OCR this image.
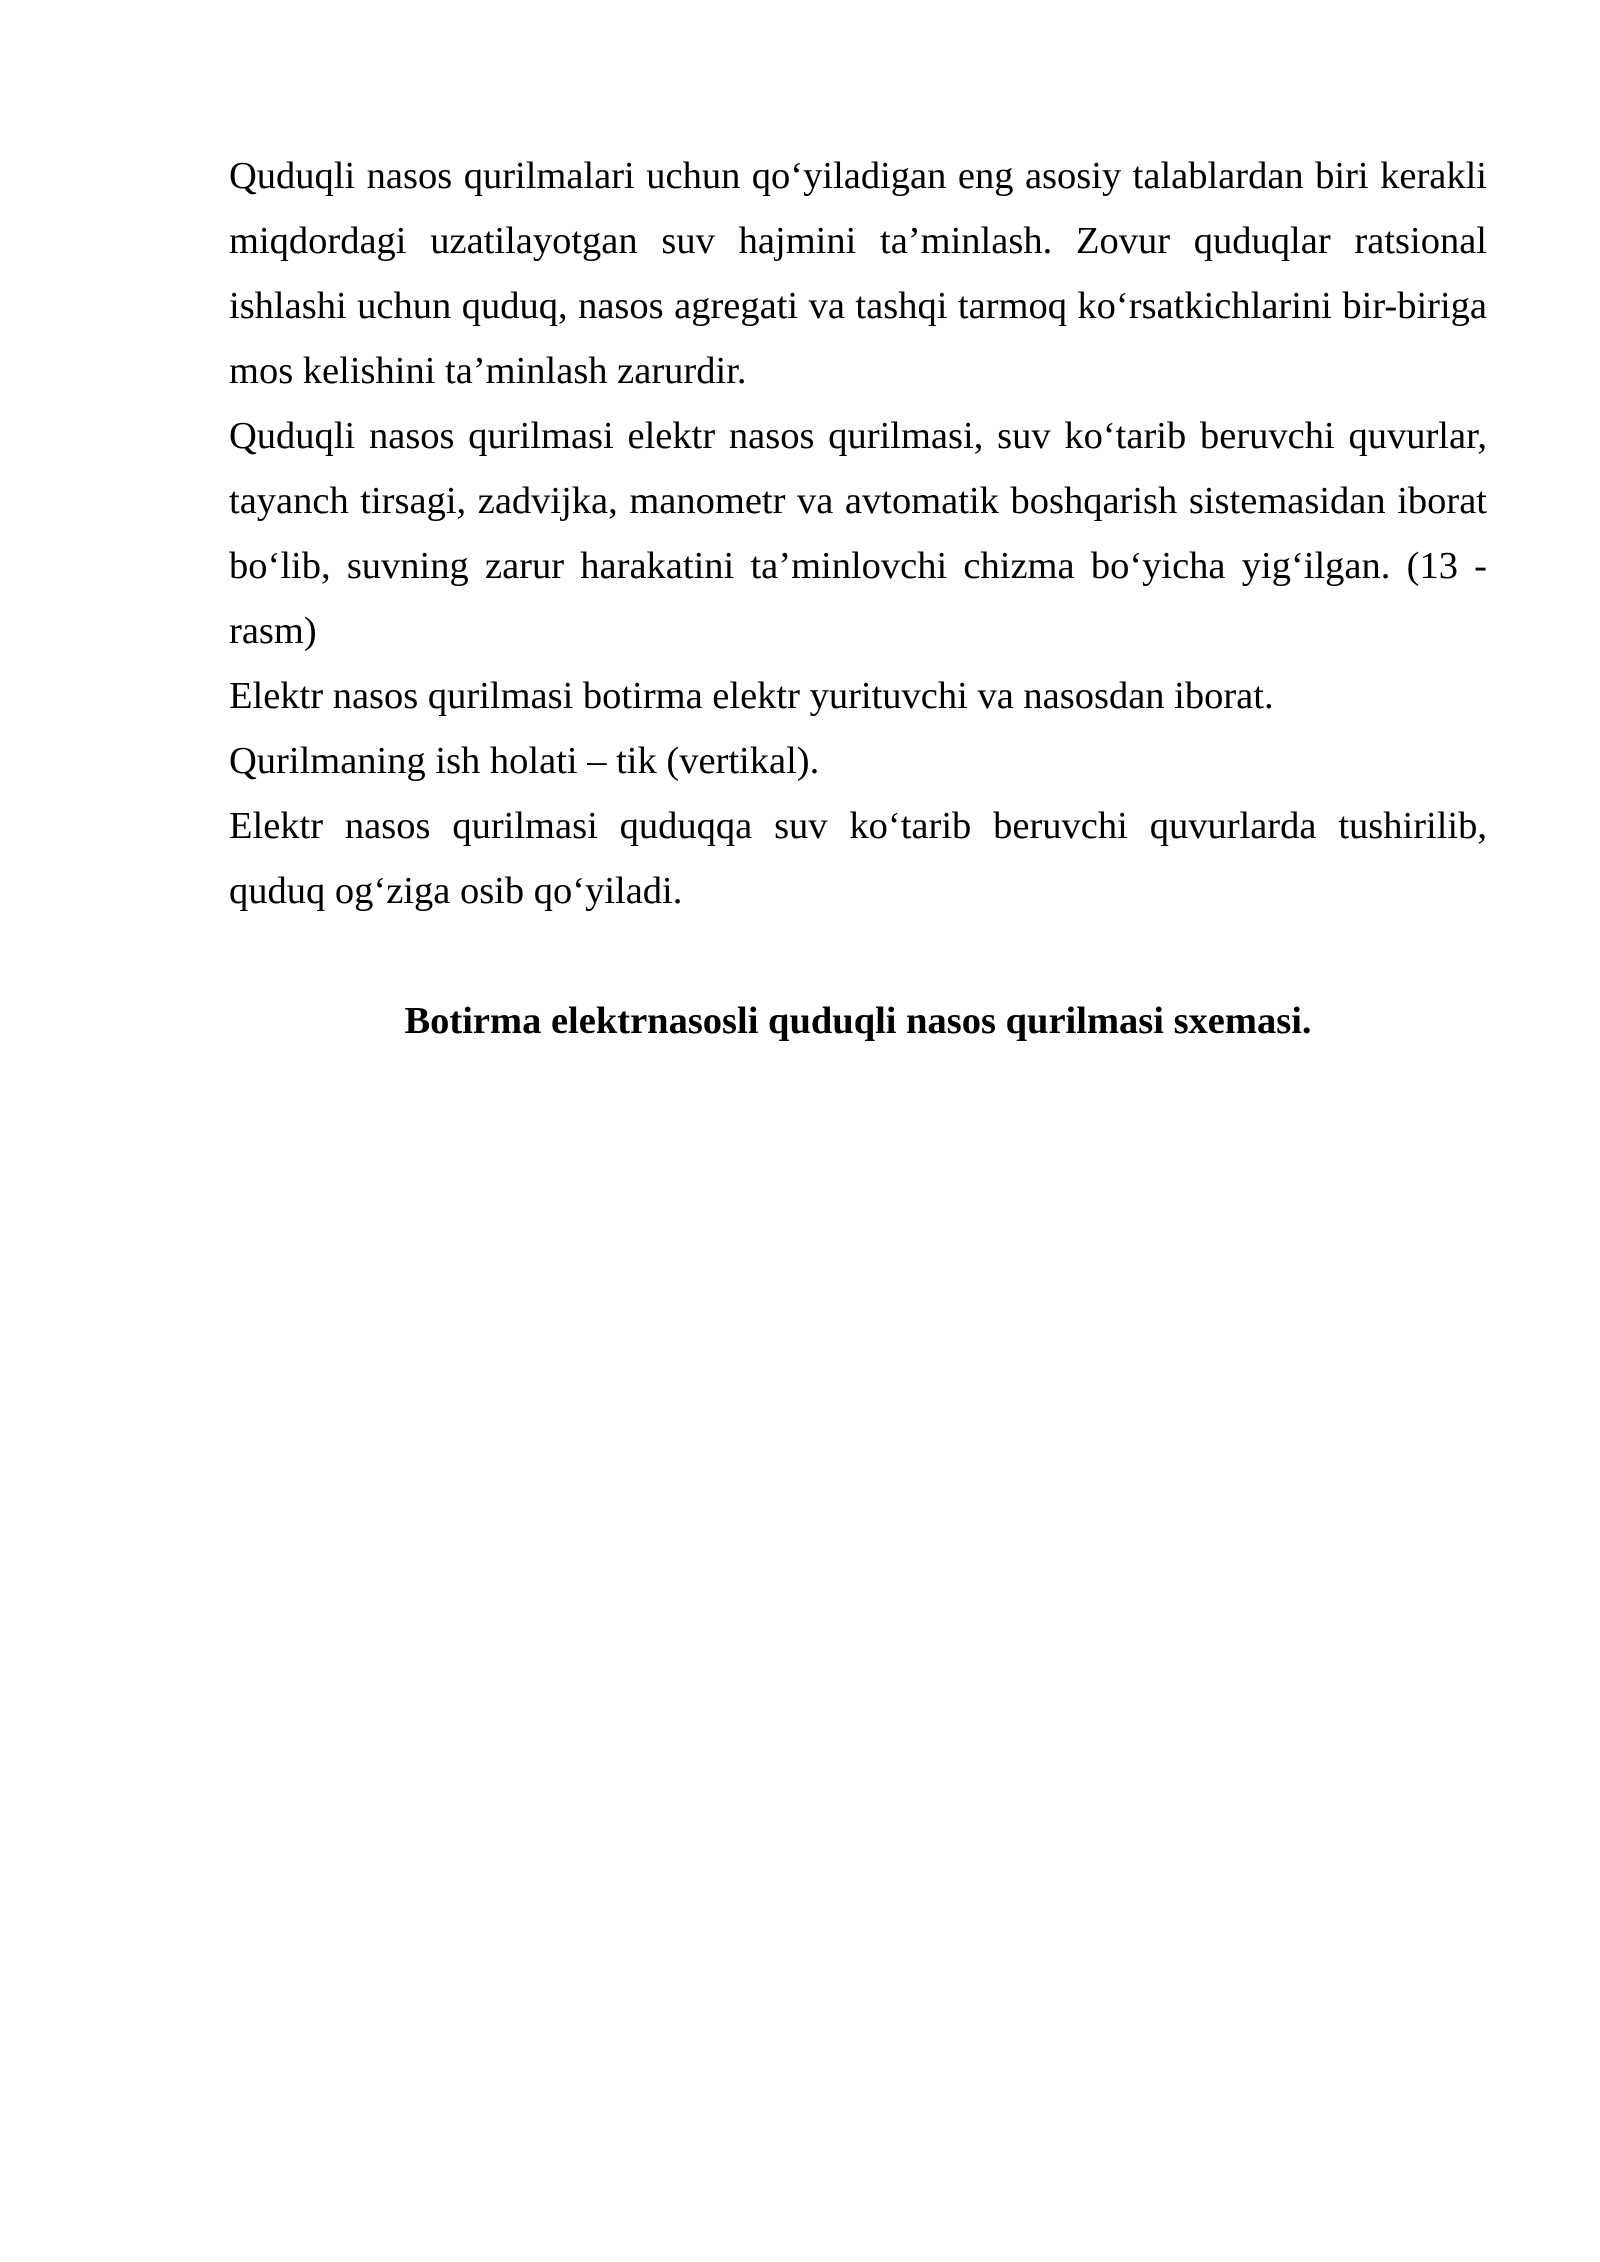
Quduqli nasos qurilmalari uchun qo‘yiladigan eng asosiy talablardan biri kerakli miqdordagi uzatilayotgan suv hajmini ta’minlash. Zovur quduqlar ratsional ishlashi uchun quduq, nasos agregati va tashqi tarmoq ko‘rsatkichlarini bir-biriga mos kelishini ta’minlash zarurdir.

Quduqli nasos qurilmasi elektr nasos qurilmasi, suv ko‘tarib beruvchi quvurlar, tayanch tirsagi, zadvijka, manometr va avtomatik boshqarish sistemasidan iborat bo‘lib, suvning zarur harakatini ta’minlovchi chizma bo‘yicha yig‘ilgan. (13 - rasm)

Elektr nasos qurilmasi botirma elektr yurituvchi va nasosdan iborat.

Qurilmaning ish holati – tik (vertikal).

Elektr nasos qurilmasi quduqqa suv ko‘tarib beruvchi quvurlarda tushirilib, quduq og‘ziga osib qo‘yiladi.

Botirma elektrnasosli quduqli nasos qurilmasi sxemasi.
